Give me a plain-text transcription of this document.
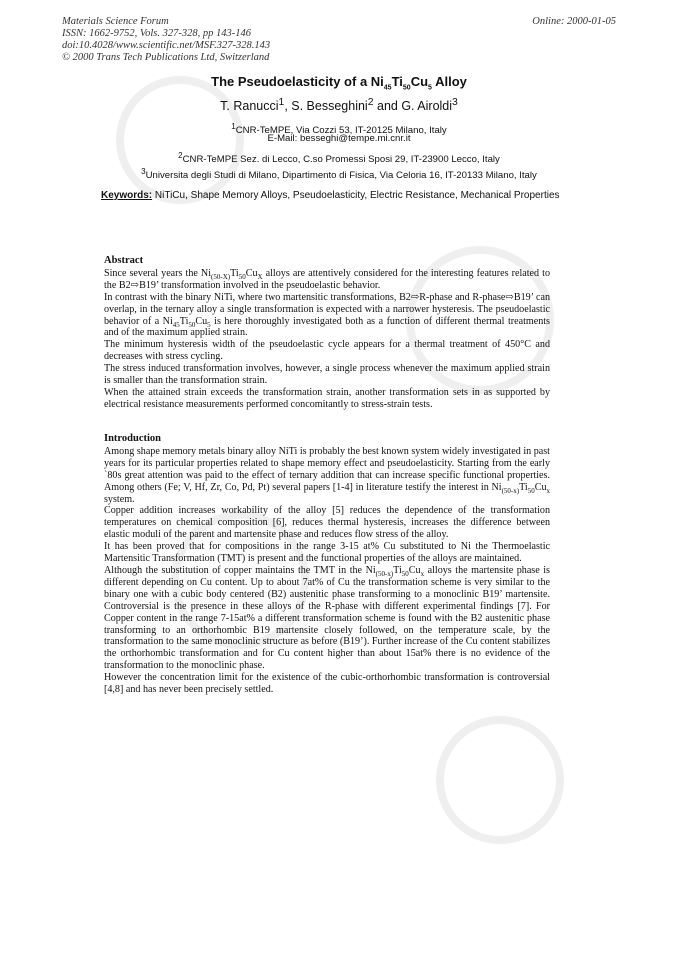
Materials Science Forum
ISSN: 1662-9752, Vols. 327-328, pp 143-146
doi:10.4028/www.scientific.net/MSF.327-328.143
© 2000 Trans Tech Publications Ltd, Switzerland
Online: 2000-01-05
The Pseudoelasticity of a $Ni_{45}Ti_{50}Cu_5$ Alloy
T. Ranucci$^1$, S. Besseghini$^2$ and G. Airoldi$^3$
$^1$CNR-TeMPE, Via Cozzi 53, IT-20125 Milano, Italy
E-Mail: besseghi@tempe.mi.cnr.it
$^2$CNR-TeMPE Sez. di Lecco, C.so Promessi Sposi 29, IT-23900 Lecco, Italy
$^3$Universita degli Studi di Milano, Dipartimento di Fisica, Via Celoria 16, IT-20133 Milano, Italy
Keywords: NiTiCu, Shape Memory Alloys, Pseudoelasticity, Electric Resistance, Mechanical Properties
Abstract

Since several years the $Ni_{(50-X)}Ti_{50}Cu_X$ alloys are attentively considered for the interesting features related to the B2⇨B19’ transformation involved in the pseudoelastic behavior.

In contrast with the binary NiTi, where two martensitic transformations, B2⇨R-phase and R-phase⇨B19’ can overlap, in the ternary alloy a single transformation is expected with a narrower hysteresis. The pseudoelastic behavior of a $Ni_{45}Ti_{50}Cu_5$ is here thoroughly investigated both as a function of different thermal treatments and of the maximum applied strain.

The minimum hysteresis width of the pseudoelastic cycle appears for a thermal treatment of 450°C and decreases with stress cycling.

The stress induced transformation involves, however, a single process whenever the maximum applied strain is smaller than the transformation strain.

When the attained strain exceeds the transformation strain, another transformation sets in as supported by electrical resistance measurements performed concomitantly to stress-strain tests.

Introduction

Among shape memory metals binary alloy NiTi is probably the best known system widely investigated in past years for its particular properties related to shape memory effect and pseudoelasticity. Starting from the early `80s great attention was paid to the effect of ternary addition that can increase specific functional properties. Among others (Fe; V, Hf, Zr, Co, Pd, Pt) several papers [1-4] in literature testify the interest in $Ni_{(50-x)}Ti_{50}Cu_x$ system.

Copper addition increases workability of the alloy [5] reduces the dependence of the transformation temperatures on chemical composition [6], reduces thermal hysteresis, increases the difference between elastic moduli of the parent and martensite phase and reduces flow stress of the alloy.

It has been proved that for compositions in the range 3-15 at% Cu substituted to Ni the Thermoelastic Martensitic Transformation (TMT) is present and the functional properties of the alloys are maintained.

Although the substitution of copper maintains the TMT in the $Ni_{(50-x)}Ti_{50}Cu_x$ alloys the martensite phase is different depending on Cu content. Up to about 7at% of Cu the transformation scheme is very similar to the binary one with a cubic body centered (B2) austenitic phase transforming to a monoclinic B19’ martensite. Controversial is the presence in these alloys of the R-phase with different experimental findings [7]. For Copper content in the range 7-15at% a different transformation scheme is found with the B2 austenitic phase transforming to an orthorhombic B19 martensite closely followed, on the temperature scale, by the transformation to the same monoclinic structure as before (B19’). Further increase of the Cu content stabilizes the orthorhombic transformation and for Cu content higher than about 15at% there is no evidence of the transformation to the monoclinic phase.

However the concentration limit for the existence of the cubic-orthorhombic transformation is controversial [4,8] and has never been precisely settled.
